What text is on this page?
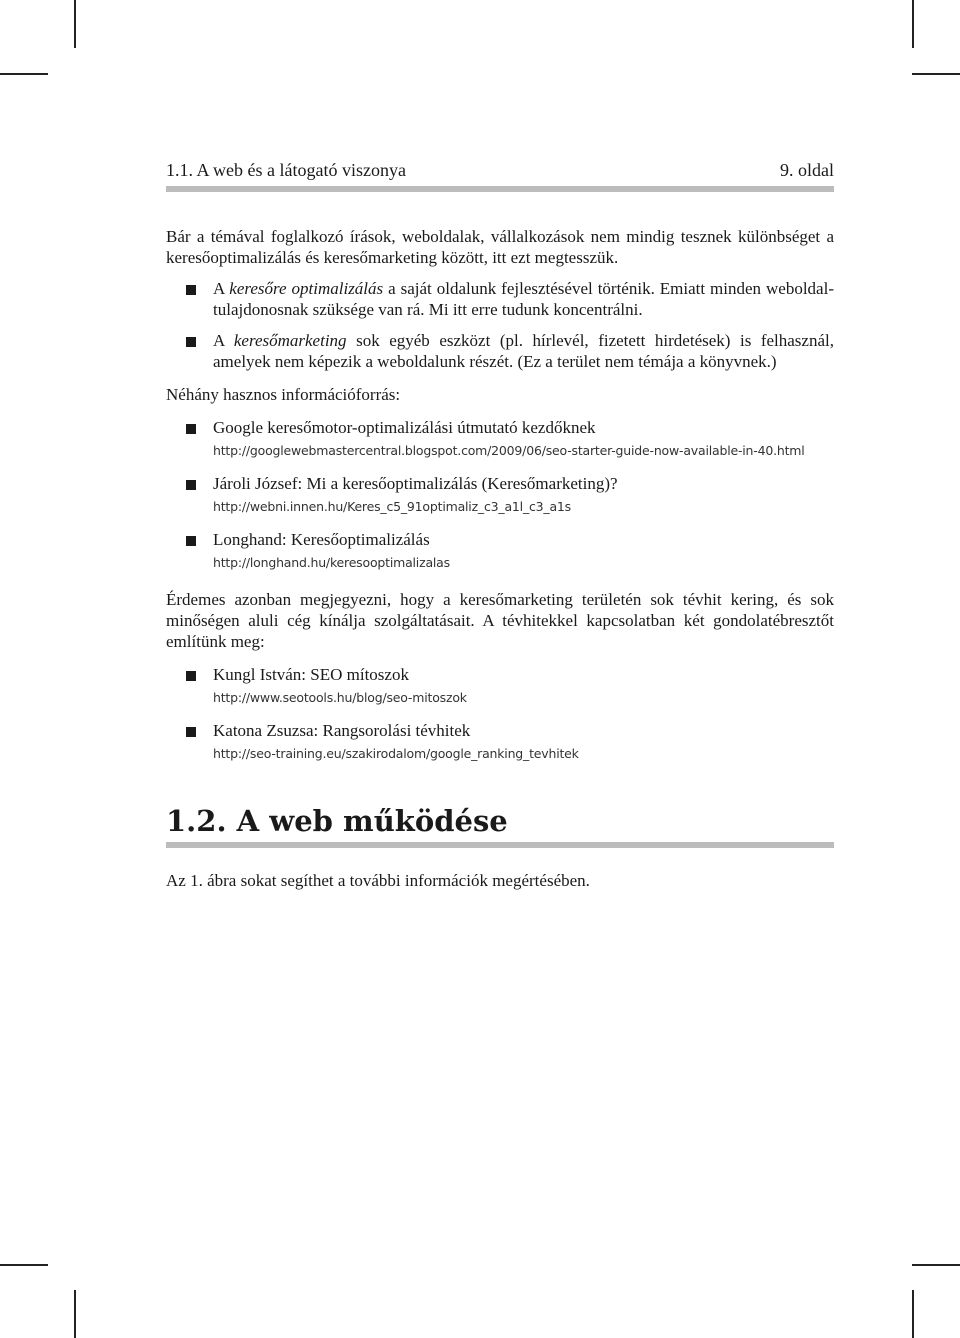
1.1. A web és a látogató viszonya	9. oldal

Bár a témával foglalkozó írások, weboldalak, vállalkozások nem mindig tesznek különbséget a keresőoptimalizálás és keresőmarketing között, itt ezt megtesszük.

A keresőre optimalizálás a saját oldalunk fejlesztésével történik. Emiatt minden weboldal-tulajdonosnak szüksége van rá. Mi itt erre tudunk koncentrálni.
A keresőmarketing sok egyéb eszközt (pl. hírlevél, fizetett hirdetések) is felhasznál, amelyek nem képezik a weboldalunk részét. (Ez a terület nem témája a könyvnek.)

Néhány hasznos információforrás:

Google keresőmotor-optimalizálási útmutató kezdőknek
http://googlewebmastercentral.blogspot.com/2009/06/seo-starter-guide-now-available-in-40.html
Jároli József: Mi a keresőoptimalizálás (Keresőmarketing)?
http://webni.innen.hu/Keres_c5_91optimaliz_c3_a1l_c3_a1s
Longhand: Keresőoptimalizálás
http://longhand.hu/keresooptimalizalas

Érdemes azonban megjegyezni, hogy a keresőmarketing területén sok tévhit kering, és sok minőségen aluli cég kínálja szolgáltatásait. A tévhitekkel kapcsolatban két gondolatébresztőt említünk meg:

Kungl István: SEO mítoszok
http://www.seotools.hu/blog/seo-mitoszok
Katona Zsuzsa: Rangsorolási tévhitek
http://seo-training.eu/szakirodalom/google_ranking_tevhitek
1.2. A web működése

Az 1. ábra sokat segíthet a további információk megértésében.
